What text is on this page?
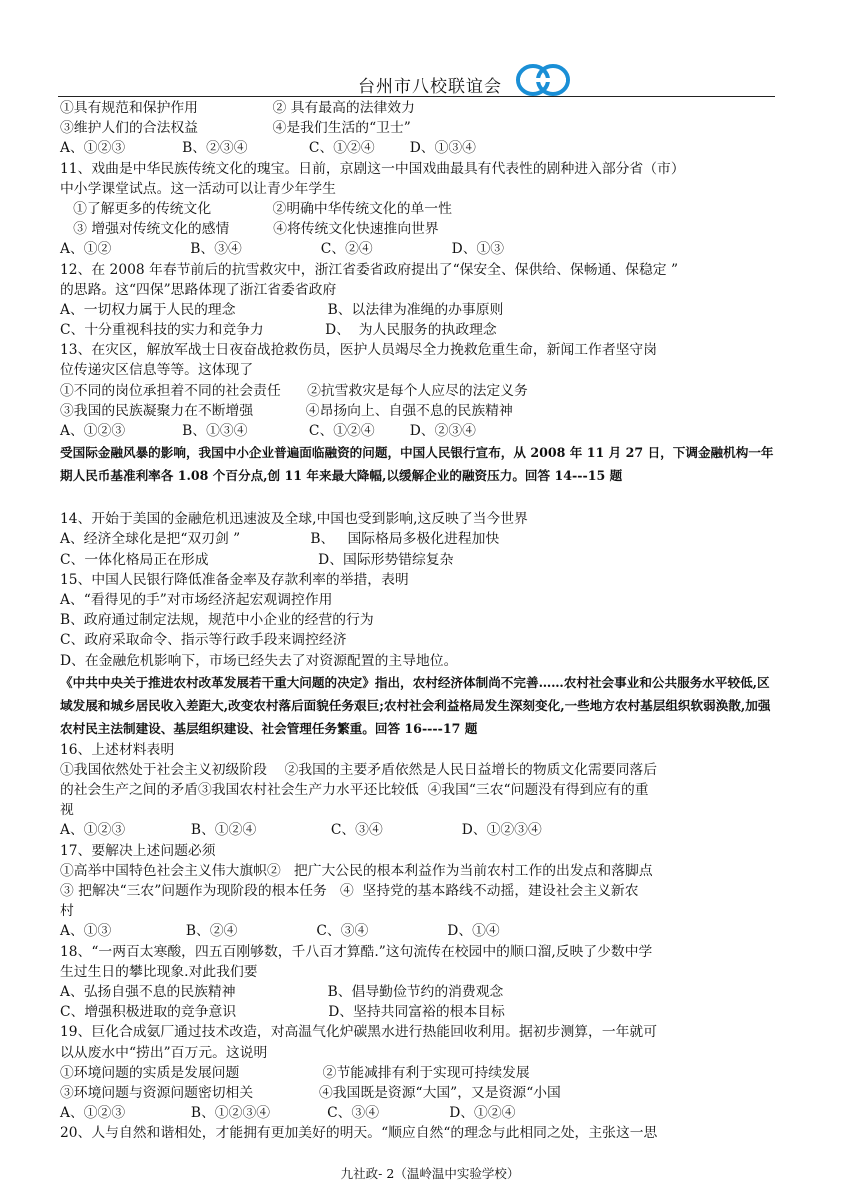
台州市八校联谊会
①具有规范和保护作用                 ② 具有最高的法律效力
③维护人们的合法权益                 ④是我们生活的“卫士”
A、①②③             B、②③④              C、①②④        D、①③④
11、戏曲是中华民族传统文化的瑰宝。日前，京剧这一中国戏曲最具有代表性的剧种进入部分省（市）
中小学课堂试点。这一活动可以让青少年学生
①了解更多的传统文化              ②明确中华传统文化的单一性
③ 增强对传统文化的感情          ④将传统文化快速推向世界
A、①②                  B、③④                  C、②④                  D、①③
12、在 2008 年春节前后的抗雪救灾中，浙江省委省政府提出了“保安全、保供给、保畅通、保稳定 ”
的思路。这“四保”思路体现了浙江省委省政府
A、一切权力属于人民的理念                     B、以法律为准绳的办事原则
C、十分重视科技的实力和竞争力              D、  为人民服务的执政理念
13、在灾区，解放军战士日夜奋战抢救伤员，医护人员竭尽全力挽救危重生命，新闻工作者坚守岗
位传递灾区信息等等。这体现了
①不同的岗位承担着不同的社会责任      ②抗雪救灾是每个人应尽的法定义务
③我国的民族凝聚力在不断增强            ④昂扬向上、自强不息的民族精神
A、①②③             B、①③④              C、①②④        D、②③④
受国际金融风暴的影响，我国中小企业普遍面临融资的问题，中国人民银行宣布，从 2008 年 11 月 27 日，下调金融机构一年期人民币基准利率各 1.08 个百分点,创 11 年来最大降幅,以缓解企业的融资压力。回答 14---15 题
14、开始于美国的金融危机迅速波及全球,中国也受到影响,这反映了当今世界
A、经济全球化是把“双刃剑 ”                B、   国际格局多极化进程加快
C、一体化格局正在形成                         D、国际形势错综复杂
15、中国人民银行降低准备金率及存款利率的举措，表明
A、“看得见的手”对市场经济起宏观调控作用
B、政府通过制定法规，规范中小企业的经营的行为
C、政府采取命令、指示等行政手段来调控经济
D、在金融危机影响下，市场已经失去了对资源配置的主导地位。
《中共中央关于推进农村改革发展若干重大问题的决定》指出，农村经济体制尚不完善……农村社会事业和公共服务水平较低,区域发展和城乡居民收入差距大,改变农村落后面貌任务艰巨;农村社会利益格局发生深刻变化,一些地方农村基层组织软弱涣散,加强农村民主法制建设、基层组织建设、社会管理任务繁重。回答 16----17 题
16、上述材料表明
①我国依然处于社会主义初级阶段    ②我国的主要矛盾依然是人民日益增长的物质文化需要同落后
的社会生产之间的矛盾③我国农村社会生产力水平还比较低  ④我国“三农“问题没有得到应有的重
视
A、①②③               B、①②④                 C、③④                  D、①②③④
17、要解决上述问题必须
①高举中国特色社会主义伟大旗帜②   把广大公民的根本利益作为当前农村工作的出发点和落脚点
③ 把解决“三农”问题作为现阶段的根本任务   ④  坚持党的基本路线不动摇，建设社会主义新农
村
A、①③                 B、②④                  C、③④                  D、①④
18、“一两百太寒酸，四五百刚够数，千八百才算酷.”这句流传在校园中的顺口溜,反映了少数中学
生过生日的攀比现象.对此我们要
A、弘扬自强不息的民族精神                     B、倡导勤俭节约的消费观念
C、增强积极进取的竞争意识                     D、坚持共同富裕的根本目标
19、巨化合成氨厂通过技术改造，对高温气化炉碳黑水进行热能回收利用。据初步测算，一年就可
以从废水中“捞出”百万元。这说明
①环境问题的实质是发展问题                   ②节能减排有利于实现可持续发展
③环境问题与资源问题密切相关               ④我国既是资源“大国”，又是资源“小国
A、①②③               B、①②③④             C、③④                D、①②④
20、人与自然和谐相处，才能拥有更加美好的明天。“顺应自然“的理念与此相同之处，主张这一思
九社政- 2（温岭温中实验学校）
